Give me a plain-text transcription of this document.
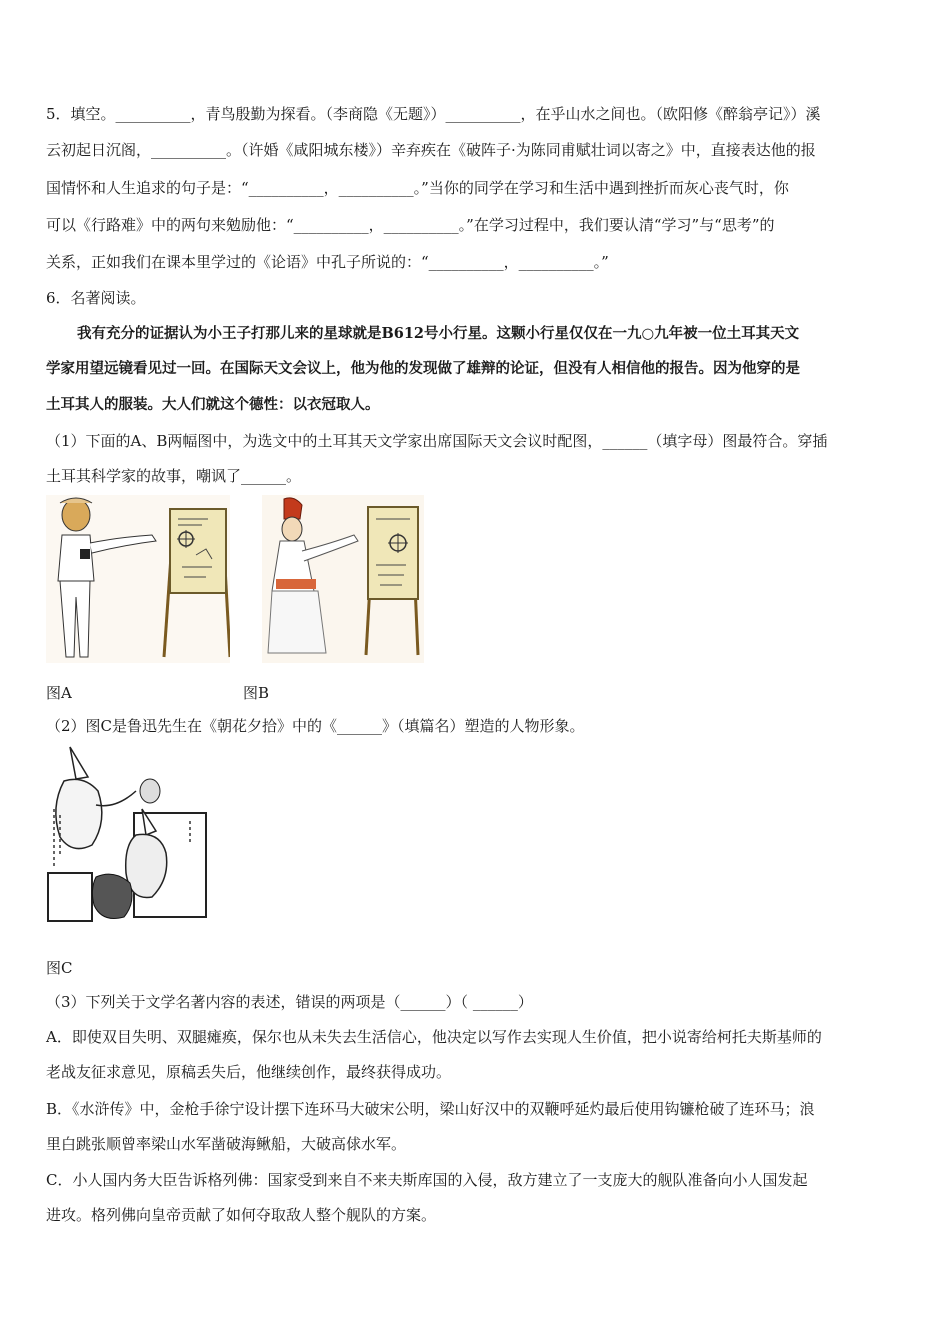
5．填空。__________，青鸟殷勤为探看。（李商隐《无题》）__________，在乎山水之间也。（欧阳修《醉翁亭记》）溪
云初起日沉阁，__________。（许婚《咸阳城东楼》）辛弃疾在《破阵子·为陈同甫赋壮词以寄之》中，直接表达他的报
国情怀和人生追求的句子是：“__________，__________。”当你的同学在学习和生活中遇到挫折而灰心丧气时，你
可以《行路难》中的两句来勉励他：“__________，__________。”在学习过程中，我们要认清“学习”与“思考”的
关系，正如我们在课本里学过的《论语》中孔子所说的：“__________，__________。”
6．名著阅读。
我有充分的证据认为小王子打那儿来的星球就是B612号小行星。这颗小行星仅仅在一九○九年被一位土耳其天文
学家用望远镜看见过一回。在国际天文会议上，他为他的发现做了雄辩的论证，但没有人相信他的报告。因为他穿的是
土耳其人的服装。大人们就这个德性：以衣冠取人。
（1）下面的A、B两幅图中，为选文中的土耳其天文学家出席国际天文会议时配图，______（填字母）图最符合。穿插
土耳其科学家的故事，嘲讽了______。
图A	图B
（2）图C是鲁迅先生在《朝花夕拾》中的《______》（填篇名）塑造的人物形象。
图C
（3）下列关于文学名著内容的表述，错误的两项是（______）（ ______）
A．即使双目失明、双腿瘫痪，保尔也从未失去生活信心，他决定以写作去实现人生价值，把小说寄给柯托夫斯基师的
老战友征求意见，原稿丢失后，他继续创作，最终获得成功。
B．《水浒传》中，金枪手徐宁设计摆下连环马大破宋公明，梁山好汉中的双鞭呼延灼最后使用钩镰枪破了连环马；浪
里白跳张顺曾率梁山水军凿破海鳅船，大破高俅水军。
C．小人国内务大臣告诉格列佛：国家受到来自不来夫斯库国的入侵，敌方建立了一支庞大的舰队准备向小人国发起
进攻。格列佛向皇帝贡献了如何夺取敌人整个舰队的方案。
